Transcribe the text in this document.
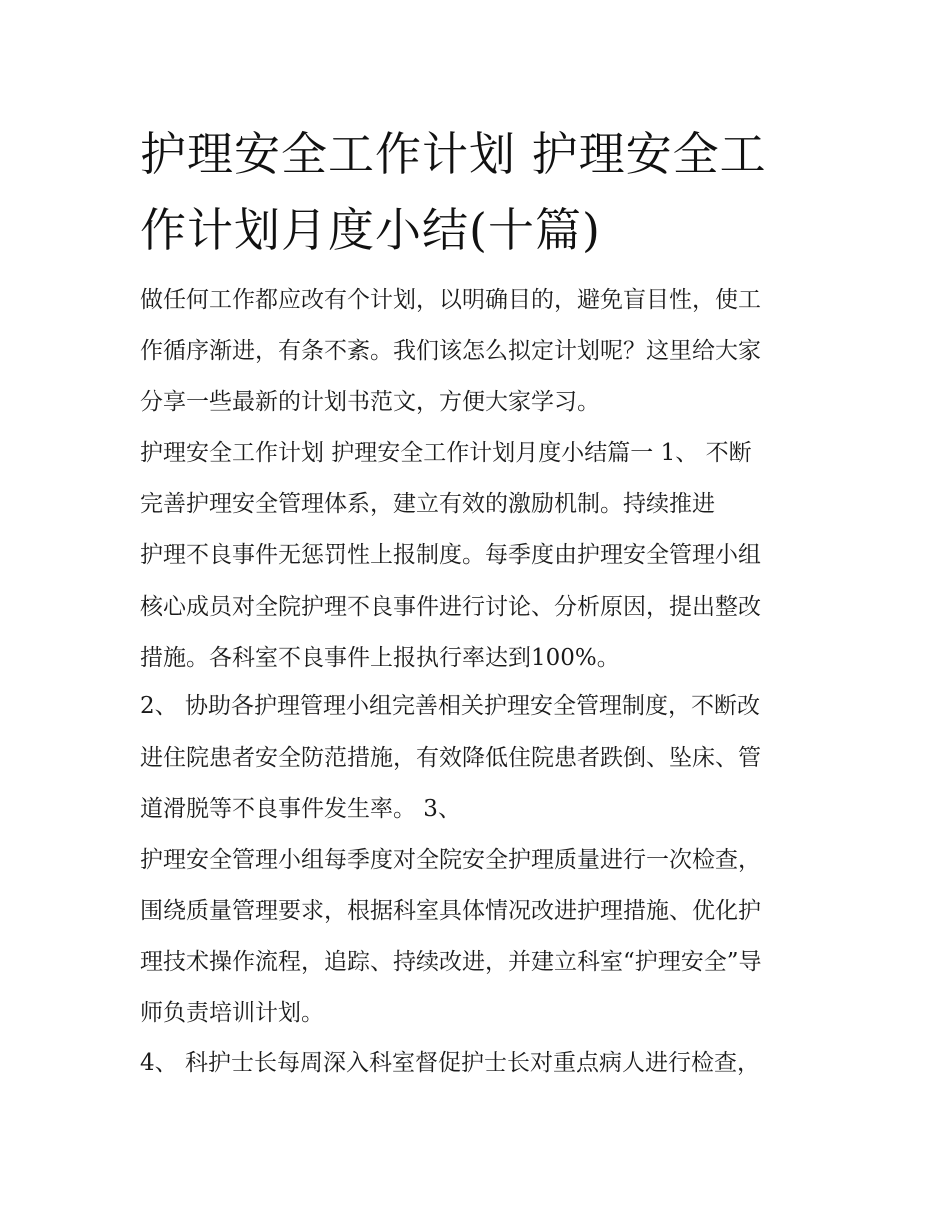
护理安全工作计划 护理安全工
作计划月度小结(十篇)

做任何工作都应改有个计划，以明确目的，避免盲目性，使工

作循序渐进，有条不紊。我们该怎么拟定计划呢？这里给大家

分享一些最新的计划书范文，方便大家学习。

护理安全工作计划 护理安全工作计划月度小结篇一 1、 不断

完善护理安全管理体系，建立有效的激励机制。持续推进

护理不良事件无惩罚性上报制度。每季度由护理安全管理小组

核心成员对全院护理不良事件进行讨论、分析原因，提出整改

措施。各科室不良事件上报执行率达到100%。

2、 协助各护理管理小组完善相关护理安全管理制度，不断改

进住院患者安全防范措施，有效降低住院患者跌倒、坠床、管

道滑脱等不良事件发生率。 3、

护理安全管理小组每季度对全院安全护理质量进行一次检查，

围绕质量管理要求，根据科室具体情况改进护理措施、优化护

理技术操作流程，追踪、持续改进，并建立科室“护理安全”导

师负责培训计划。

4、 科护士长每周深入科室督促护士长对重点病人进行检查，
